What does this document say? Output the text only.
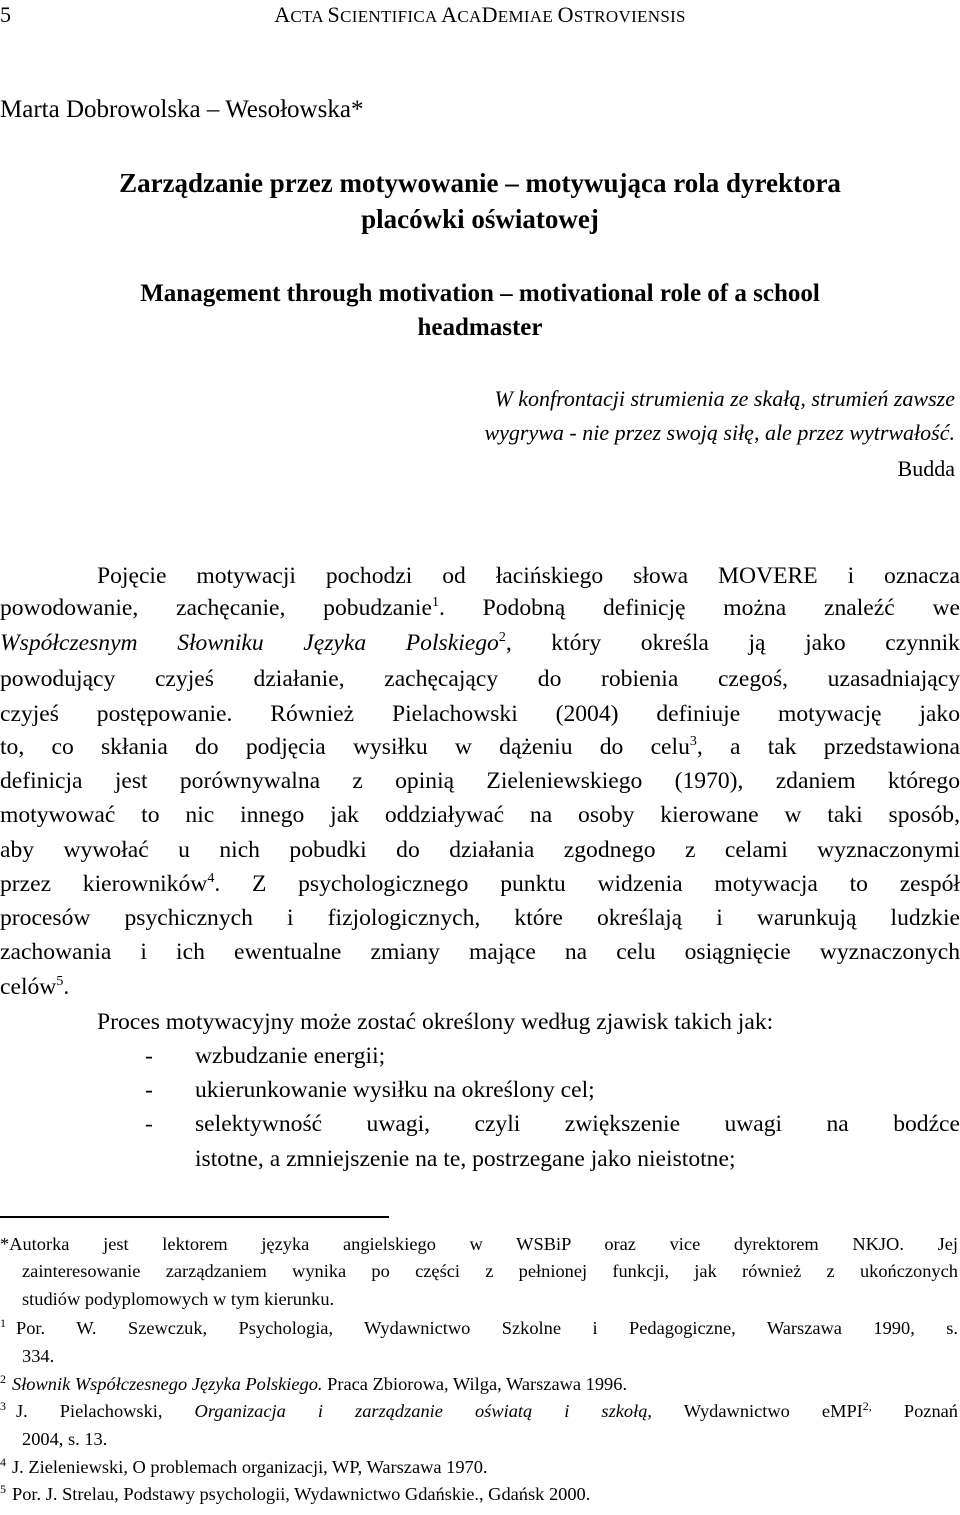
5	ACTA SCIENTIFICA ACADEMIAE OSTROVIENSIS
Marta Dobrowolska – Wesołowska*
Zarządzanie przez motywowanie – motywująca rola dyrektora
placówki oświatowej
Management through motivation – motivational role of a school
headmaster
W konfrontacji strumienia ze skałą, strumień zawsze
wygrywa - nie przez swoją siłę, ale przez wytrwałość.
Budda
Pojęcie motywacji pochodzi od łacińskiego słowa MOVERE i oznacza
powodowanie, zachęcanie, pobudzanie$^1$. Podobną definicję można znaleźć we
Współczesnym Słowniku Języka Polskiego$^2$, który określa ją jako czynnik
powodujący czyjeś działanie, zachęcający do robienia czegoś, uzasadniający
czyjeś postępowanie. Również Pielachowski (2004) definiuje motywację jako
to, co skłania do podjęcia wysiłku w dążeniu do celu$^3$, a tak przedstawiona
definicja jest porównywalna z opinią Zieleniewskiego (1970), zdaniem którego
motywować to nic innego jak oddziaływać na osoby kierowane w taki sposób,
aby wywołać u nich pobudki do działania zgodnego z celami wyznaczonymi
przez kierowników$^4$. Z psychologicznego punktu widzenia motywacja to zespół
procesów psychicznych i fizjologicznych, które określają i warunkują ludzkie
zachowania i ich ewentualne zmiany mające na celu osiągnięcie wyznaczonych
celów$^5$.
Proces motywacyjny może zostać określony według zjawisk takich jak:
- wzbudzanie energii;
- ukierunkowanie wysiłku na określony cel;
- selektywność uwagi, czyli zwiększenie uwagi na bodźce
istotne, a zmniejszenie na te, postrzegane jako nieistotne;
*Autorka jest lektorem języka angielskiego w WSBiP oraz vice dyrektorem NKJO. Jej
zainteresowanie zarządzaniem wynika po części z pełnionej funkcji, jak również z ukończonych
studiów podyplomowych w tym kierunku.
$^1$ Por. W. Szewczuk, Psychologia, Wydawnictwo Szkolne i Pedagogiczne, Warszawa 1990, s.
334.
$^2$ Słownik Współczesnego Języka Polskiego. Praca Zbiorowa, Wilga, Warszawa 1996.
$^3$ J. Pielachowski, Organizacja i zarządzanie oświatą i szkołą, Wydawnictwo eMPI$^{2,}$ Poznań
2004, s. 13.
$^4$ J. Zieleniewski, O problemach organizacji, WP, Warszawa 1970.
$^5$ Por. J. Strelau, Podstawy psychologii, Wydawnictwo Gdańskie., Gdańsk 2000.
